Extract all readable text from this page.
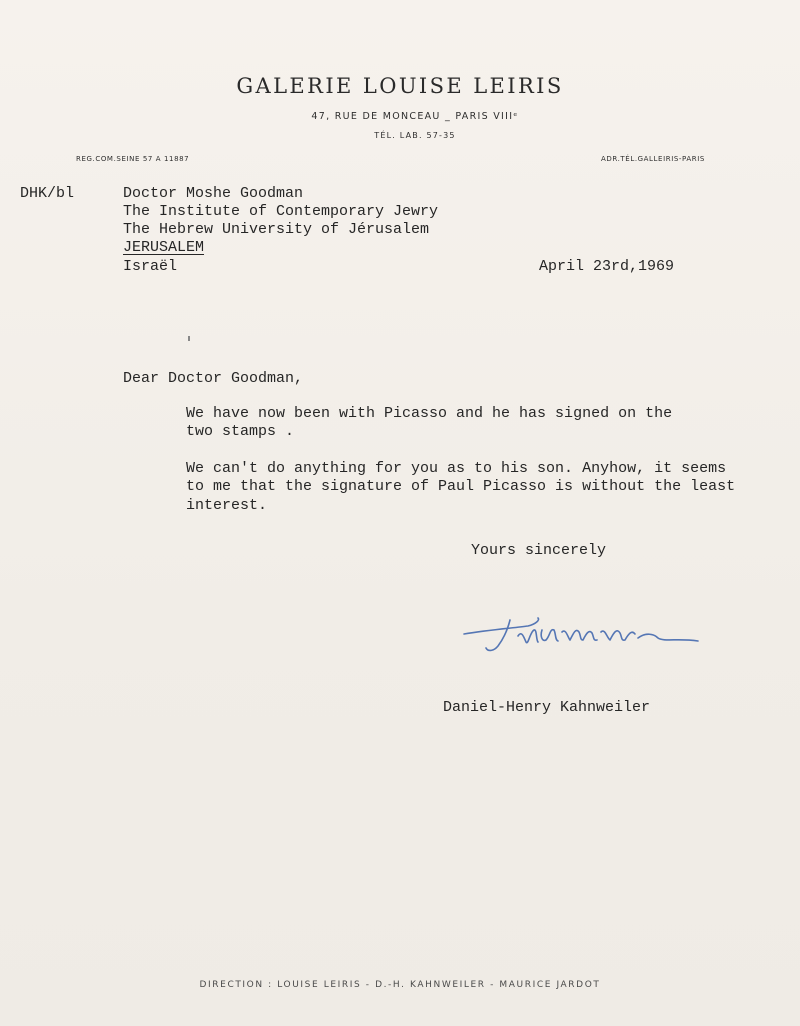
GALERIE LOUISE LEIRIS
47, RUE DE MONCEAU _ PARIS VIIIᵉ
TÉL. LAB. 57-35
REG.COM.SEINE 57 A 11887	ADR.TÉL.GALLEIRIS-PARIS
DHK/bl	Doctor Moshe Goodman
The Institute of Contemporary Jewry
The Hebrew University of Jérusalem
JERUSALEM
Israël	April 23rd,1969
Dear Doctor Goodman,
We have now been with Picasso and he has signed on the
two stamps .
We can't do anything for you as to his son. Anyhow, it seems
to me that the signature of Paul Picasso is without the least
interest.
Yours sincerely
Daniel-Henry Kahnweiler
DIRECTION : LOUISE LEIRIS - D.-H. KAHNWEILER - MAURICE JARDOT
